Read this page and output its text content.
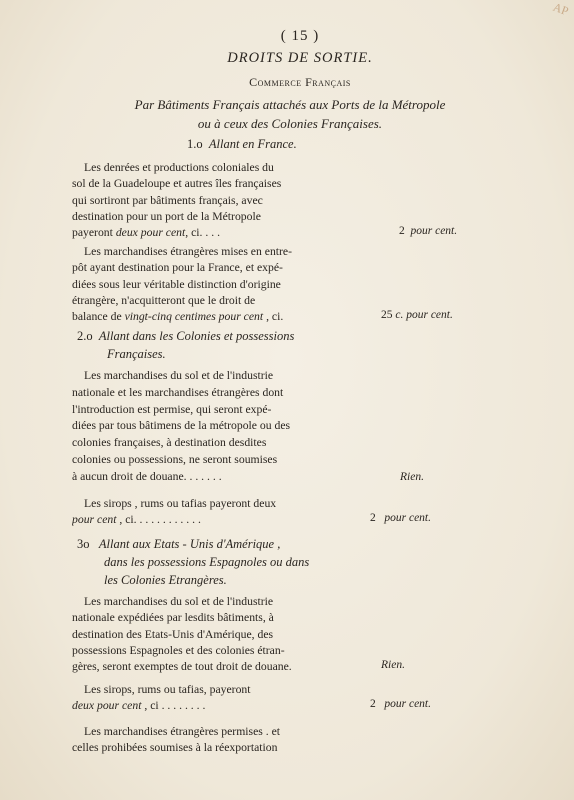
AP
( 15 )
DROITS DE SORTIE.
Commerce Français
Par Bâtiments Français attachés aux Ports de la Métropole
ou à ceux des Colonies Françaises.
1.o Allant en France.
Les denrées et productions coloniales du
sol de la Guadeloupe et autres îles françaises
qui sortiront par bâtiments français, avec
destination pour un port de la Métropole
payeront deux pour cent, ci. . . .	2 pour cent.
Les marchandises étrangères mises en entre-
pôt ayant destination pour la France, et expé-
diées sous leur véritable distinction d'origine
étrangère, n'acquitteront que le droit de
balance de vingt-cinq centimes pour cent , ci.	25 c. pour cent.
2.o Allant dans les Colonies et possessions
Françaises.
Les marchandises du sol et de l'industrie
nationale et les marchandises étrangères dont
l'introduction est permise, qui seront expé-
diées par tous bâtimens de la métropole ou des
colonies françaises, à destination desdites
colonies ou possessions, ne seront soumises
à aucun droit de douane. . . . . . .	Rien.
Les sirops , rums ou tafias payeront deux
pour cent , ci. . . . . . . . . . . .	2 pour cent.
3o Allant aux Etats - Unis d'Amérique ,
dans les possessions Espagnoles ou dans
les Colonies Etrangères.
Les marchandises du sol et de l'industrie
nationale expédiées par lesdits bâtiments, à
destination des Etats-Unis d'Amérique, des
possessions Espagnoles et des colonies étran-
gères, seront exemptes de tout droit de douane.	Rien.
Les sirops, rums ou tafias, payeront
deux pour cent , ci . . . . . . . .	2 pour cent.
Les marchandises étrangères permises . et
celles prohibées soumises à la réexportation
